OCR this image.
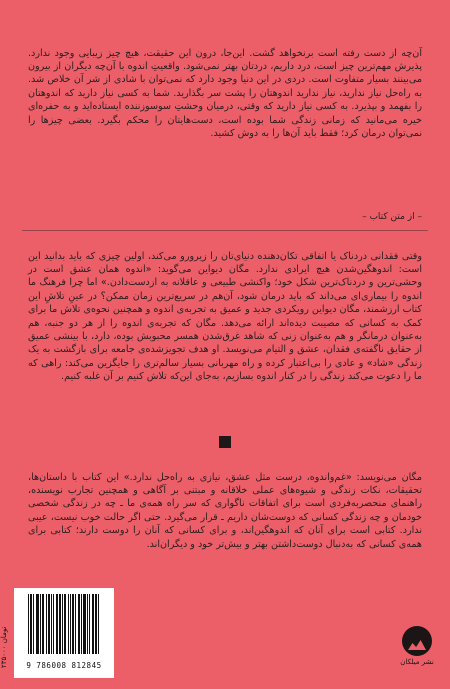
آن‌چه از دست رفته است برنخواهد گشت. این‌جا، درون این حقیقت، هیچ چیز زیبایی وجود ندارد. پذیرش مهم‌ترین چیز است، درد داریم، دردتان بهتر نمی‌شود. واقعیتِ اندوه با آن‌چه دیگران از بیرون می‌بینند بسیار متفاوت است. دردی در این دنیا وجود دارد که نمی‌توان با شادی از شر آن خلاص شد. به راه‌حل نیاز ندارید، نیاز ندارید اندوهتان را پشت سر بگذارید. شما به کسی نیاز دارید که اندوهتان را بفهمد و بپذیرد. به کسی نیاز دارید که وقتی، درمیان وحشتِ سوسوزننده ایستاده‌اید و به حفره‌ای خیره می‌مانید که زمانی زندگی شما بوده است، دست‌هایتان را محکم بگیرد. بعضی چیزها را نمی‌توان درمان کرد؛ فقط باید آن‌ها را به دوش کشید.

– از متن کتاب –

وقتی فقدانی دردناک یا اتفاقی تکان‌دهنده دنیای‌تان را زیر‌و‌رو می‌کند، اولین چیزی که باید بدانید این است: اندوهگین‌شدن هیچ ایرادی ندارد. مگان دیواین می‌گوید: «اندوه همان عشق است در وحشی‌ترین و دردناک‌ترین شکل خود؛ واکنشی طبیعی و عاقلانه به ازدست‌دادن.» اما چرا فرهنگ ما اندوه را بیماری‌ای می‌داند که باید درمان شود، آن‌هم در سریع‌ترین زمان ممکن؟ در عینِ تلاشِ این کتاب ارزشمند، مگان دیواین رویکردی جدید و عمیق به تجربه‌ی اندوه و همچنین نحوه‌ی تلاش ما برای کمک به کسانی که مصیبت دیده‌اند ارائه می‌دهد. مگان که تجربه‌ی اندوه را از هر دو جنبه، هم به‌عنوان درمانگر و هم به‌عنوان زنی که شاهد غرق‌شدن همسر محبوبش بوده، دارد، با بینشی عمیق از حقایق ناگفته‌ی فقدان، عشق و التیام می‌نویسد. او هدف تجویزشده‌ی جامعه برای بازگشت به یک زندگی «شاد» و عادی را بی‌اعتبار کرده و راه مهربانی بسیار سالم‌تری را جایگزین می‌کند: راهی که ما را دعوت می‌کند زندگی را در کنار اندوه بسازیم، به‌جای این‌که تلاش کنیم بر آن غلبه کنیم.

مگان می‌نویسد: «غم‌واندوه، درست مثل عشق، نیازی به راه‌حل ندارد.» این کتاب با داستان‌ها، تحقیقات، نکات زندگی و شیوه‌های عملی خلاقانه و مبتنی بر آگاهی و همچنین تجارب نویسنده، راهنمای منحصربه‌فردی است برای اتفاقات ناگواری که سر راه همه‌ی ما ـ چه در زندگی شخصی خودمان و چه زندگی کسانی که دوست‌شان داریم ـ قرار می‌گیرد. حتی اگر حالت خوب نیست، عیبی ندارد. کتابی است برای آنان که اندوهگین‌اند، و برای کسانی که آنان را دوست دارند؛ کتابی برای همه‌ی کسانی که به‌دنبال دوست‌داشتن بهتر و بیش‌تر خود و دیگران‌اند.

۲۳۵۰۰۰ تومان
9 786008 812845	نشر میلکان
